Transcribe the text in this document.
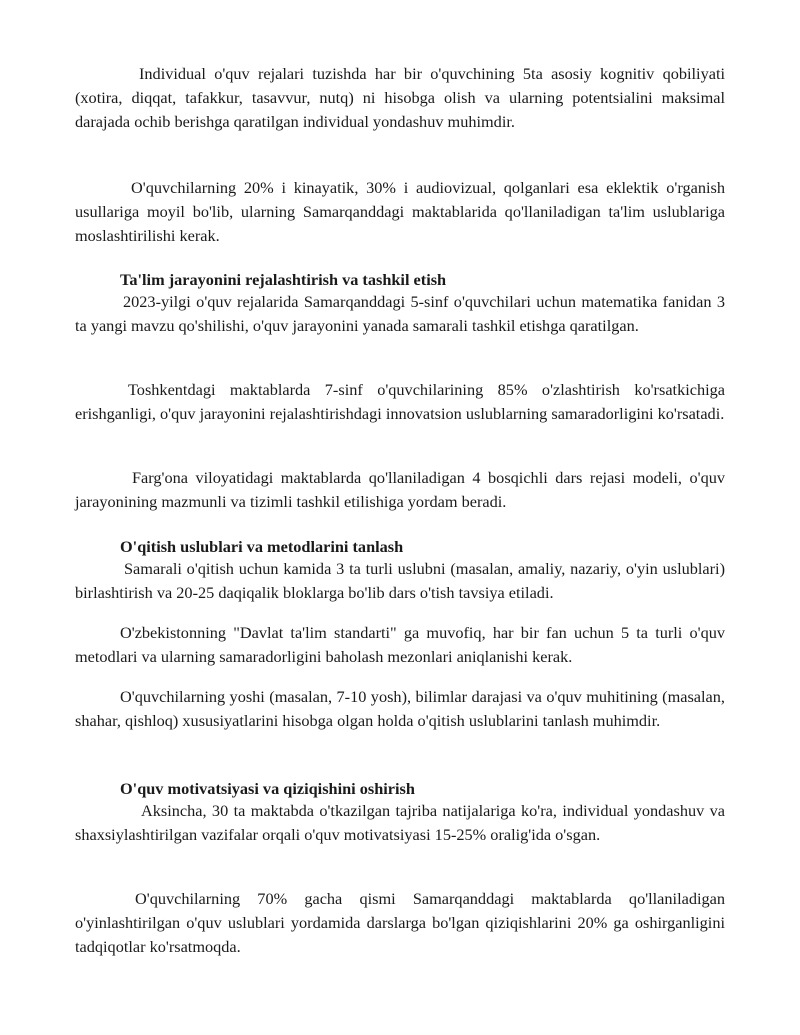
Individual o'quv rejalari tuzishda har bir o'quvchining 5ta asosiy kognitiv qobiliyati (xotira, diqqat, tafakkur, tasavvur, nutq) ni hisobga olish va ularning potentsialini maksimal darajada ochib berishga qaratilgan individual yondashuv muhimdir.

O'quvchilarning 20% i kinayatik, 30% i audiovizual, qolganlari esa eklektik o'rganish usullariga moyil bo'lib, ularning Samarqanddagi maktablarida qo'llaniladigan ta'lim uslublariga moslashtirilishi kerak.

Ta'lim jarayonini rejalashtirish va tashkil etish

2023-yilgi o'quv rejalarida Samarqanddagi 5-sinf o'quvchilari uchun matematika fanidan 3 ta yangi mavzu qo'shilishi, o'quv jarayonini yanada samarali tashkil etishga qaratilgan.

Toshkentdagi maktablarda 7-sinf o'quvchilarining 85% o'zlashtirish ko'rsatkichiga erishganligi, o'quv jarayonini rejalashtirishdagi innovatsion uslublarning samaradorligini ko'rsatadi.

Farg'ona viloyatidagi maktablarda qo'llaniladigan 4 bosqichli dars rejasi modeli, o'quv jarayonining mazmunli va tizimli tashkil etilishiga yordam beradi.

O'qitish uslublari va metodlarini tanlash

Samarali o'qitish uchun kamida 3 ta turli uslubni (masalan, amaliy, nazariy, o'yin uslublari) birlashtirish va 20-25 daqiqalik bloklarga bo'lib dars o'tish tavsiya etiladi.

O'zbekistonning "Davlat ta'lim standarti" ga muvofiq, har bir fan uchun 5 ta turli o'quv metodlari va ularning samaradorligini baholash mezonlari aniqlanishi kerak.

O'quvchilarning yoshi (masalan, 7-10 yosh), bilimlar darajasi va o'quv muhitining (masalan, shahar, qishloq) xususiyatlarini hisobga olgan holda o'qitish uslublarini tanlash muhimdir.

O'quv motivatsiyasi va qiziqishini oshirish

Aksincha, 30 ta maktabda o'tkazilgan tajriba natijalariga ko'ra, individual yondashuv va shaxsiylashtirilgan vazifalar orqali o'quv motivatsiyasi 15-25% oralig'ida o'sgan.

O'quvchilarning 70% gacha qismi Samarqanddagi maktablarda qo'llaniladigan o'yinlashtirilgan o'quv uslublari yordamida darslarga bo'lgan qiziqishlarini 20% ga oshirganligini tadqiqotlar ko'rsatmoqda.
